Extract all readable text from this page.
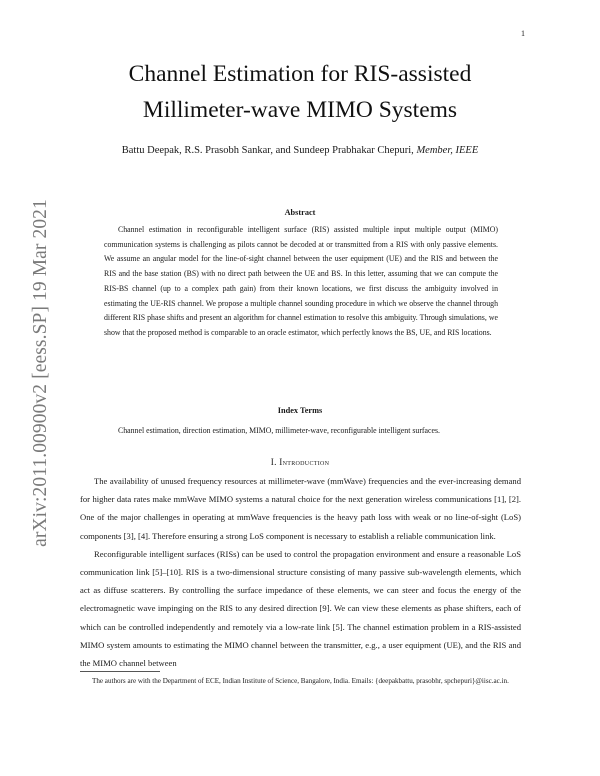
1
arXiv:2011.00900v2 [eess.SP] 19 Mar 2021
Channel Estimation for RIS-assisted
Millimeter-wave MIMO Systems
Battu Deepak, R.S. Prasobh Sankar, and Sundeep Prabhakar Chepuri, Member, IEEE
Abstract

Channel estimation in reconfigurable intelligent surface (RIS) assisted multiple input multiple output (MIMO) communication systems is challenging as pilots cannot be decoded at or transmitted from a RIS with only passive elements. We assume an angular model for the line-of-sight channel between the user equipment (UE) and the RIS and between the RIS and the base station (BS) with no direct path between the UE and BS. In this letter, assuming that we can compute the RIS-BS channel (up to a complex path gain) from their known locations, we first discuss the ambiguity involved in estimating the UE-RIS channel. We propose a multiple channel sounding procedure in which we observe the channel through different RIS phase shifts and present an algorithm for channel estimation to resolve this ambiguity. Through simulations, we show that the proposed method is comparable to an oracle estimator, which perfectly knows the BS, UE, and RIS locations.

Index Terms

Channel estimation, direction estimation, MIMO, millimeter-wave, reconfigurable intelligent surfaces.

I. Introduction

The availability of unused frequency resources at millimeter-wave (mmWave) frequencies and the ever-increasing demand for higher data rates make mmWave MIMO systems a natural choice for the next generation wireless communications [1], [2]. One of the major challenges in operating at mmWave frequencies is the heavy path loss with weak or no line-of-sight (LoS) components [3], [4]. Therefore ensuring a strong LoS component is necessary to establish a reliable communication link.

Reconfigurable intelligent surfaces (RISs) can be used to control the propagation environment and ensure a reasonable LoS communication link [5]–[10]. RIS is a two-dimensional structure consisting of many passive sub-wavelength elements, which act as diffuse scatterers. By controlling the surface impedance of these elements, we can steer and focus the energy of the electromagnetic wave impinging on the RIS to any desired direction [9]. We can view these elements as phase shifters, each of which can be controlled independently and remotely via a low-rate link [5]. The channel estimation problem in a RIS-assisted MIMO system amounts to estimating the MIMO channel between the transmitter, e.g., a user equipment (UE), and the RIS and the MIMO channel between

The authors are with the Department of ECE, Indian Institute of Science, Bangalore, India. Emails: {deepakbattu, prasobhr, spchepuri}@iisc.ac.in.
